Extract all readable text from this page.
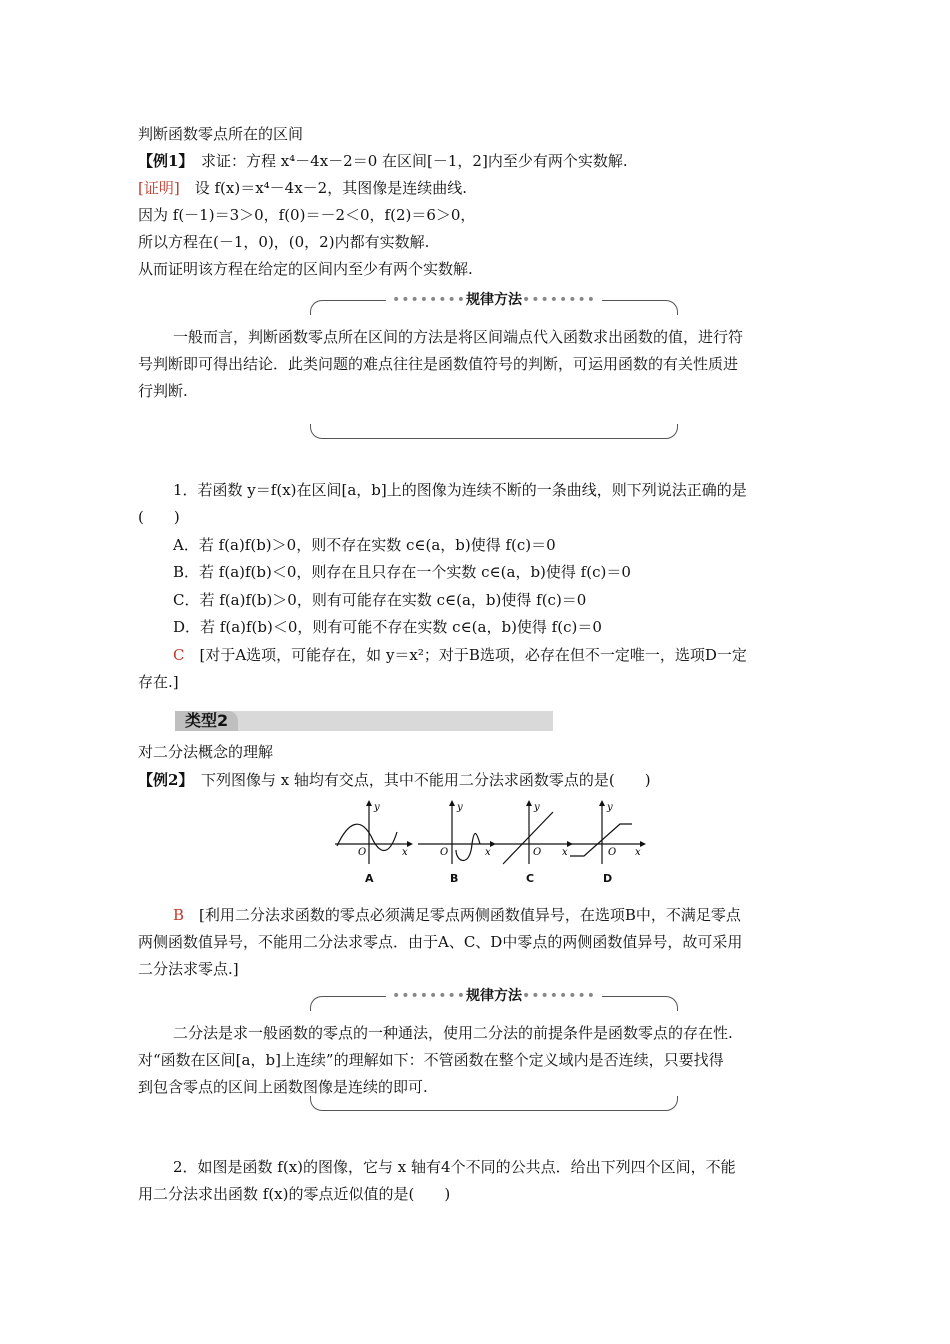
判断函数零点所在的区间
【例1】　求证：方程 x⁴－4x－2＝0 在区间[－1，2]内至少有两个实数解.
[证明]　设 f(x)＝x⁴－4x－2，其图像是连续曲线.
因为 f(－1)＝3＞0，f(0)＝－2＜0，f(2)＝6＞0，
所以方程在(－1，0)，(0，2)内都有实数解.
从而证明该方程在给定的区间内至少有两个实数解.
••••••••规律方法••••••••
一般而言，判断函数零点所在区间的方法是将区间端点代入函数求出函数的值，进行符
号判断即可得出结论．此类问题的难点往往是函数值符号的判断，可运用函数的有关性质进
行判断.
1．若函数 y＝f(x)在区间[a，b]上的图像为连续不断的一条曲线，则下列说法正确的是
(　　)
A．若 f(a)f(b)＞0，则不存在实数 c∈(a，b)使得 f(c)＝0
B．若 f(a)f(b)＜0，则存在且只存在一个实数 c∈(a，b)使得 f(c)＝0
C．若 f(a)f(b)＞0，则有可能存在实数 c∈(a，b)使得 f(c)＝0
D．若 f(a)f(b)＜0，则有可能不存在实数 c∈(a，b)使得 f(c)＝0
C　[对于A选项，可能存在，如 y＝x²；对于B选项，必存在但不一定唯一，选项D一定
存在.]
类型2
对二分法概念的理解
【例2】　下列图像与 x 轴均有交点，其中不能用二分法求函数零点的是(　　)
O	x
y
O	x
y
O x
y
O x
y
A	B	C	D
B　[利用二分法求函数的零点必须满足零点两侧函数值异号，在选项B中，不满足零点
两侧函数值异号，不能用二分法求零点．由于A、C、D中零点的两侧函数值异号，故可采用
二分法求零点.]
••••••••规律方法••••••••
二分法是求一般函数的零点的一种通法，使用二分法的前提条件是函数零点的存在性.
对“函数在区间[a，b]上连续”的理解如下：不管函数在整个定义域内是否连续，只要找得
到包含零点的区间上函数图像是连续的即可.
2．如图是函数 f(x)的图像，它与 x 轴有4个不同的公共点．给出下列四个区间，不能
用二分法求出函数 f(x)的零点近似值的是(　　)
